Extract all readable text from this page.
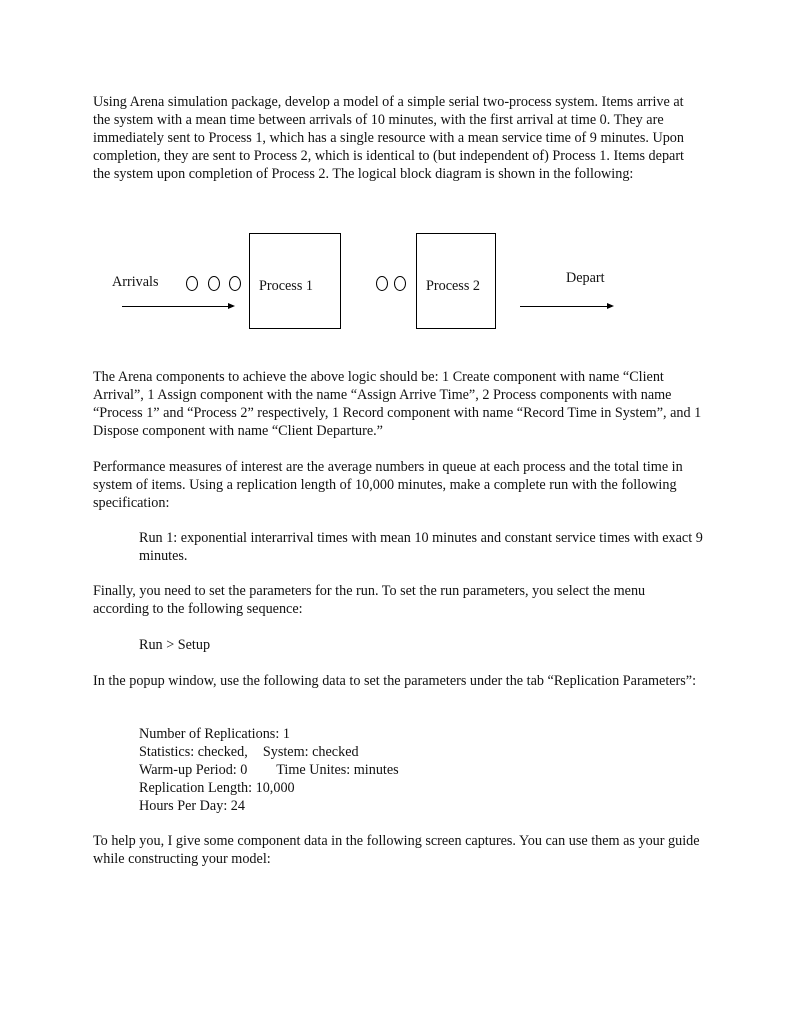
Using Arena simulation package, develop a model of a simple serial two-process system. Items arrive at the system with a mean time between arrivals of 10 minutes, with the first arrival at time 0. They are immediately sent to Process 1, which has a single resource with a mean service time of 9 minutes. Upon completion, they are sent to Process 2, which is identical to (but independent of) Process 1. Items depart the system upon completion of Process 2. The logical block diagram is shown in the following:

Arrivals	Process 1	Process 2	Depart

The Arena components to achieve the above logic should be: 1 Create component with name “Client Arrival”, 1 Assign component with the name “Assign Arrive Time”, 2 Process components with name “Process 1” and “Process 2” respectively, 1 Record component with name “Record Time in System”, and 1 Dispose component with name “Client Departure.”

Performance measures of interest are the average numbers in queue at each process and the total time in system of items. Using a replication length of 10,000 minutes, make a complete run with the following specification:

Run 1: exponential interarrival times with mean 10 minutes and constant service times with exact 9 minutes.

Finally, you need to set the parameters for the run. To set the run parameters, you select the menu according to the following sequence:

Run > Setup

In the popup window, use the following data to set the parameters under the tab “Replication Parameters”:

Number of Replications: 1
Statistics: checked, System: checked
Warm-up Period: 0 Time Unites: minutes
Replication Length: 10,000
Hours Per Day: 24

To help you, I give some component data in the following screen captures. You can use them as your guide while constructing your model:
